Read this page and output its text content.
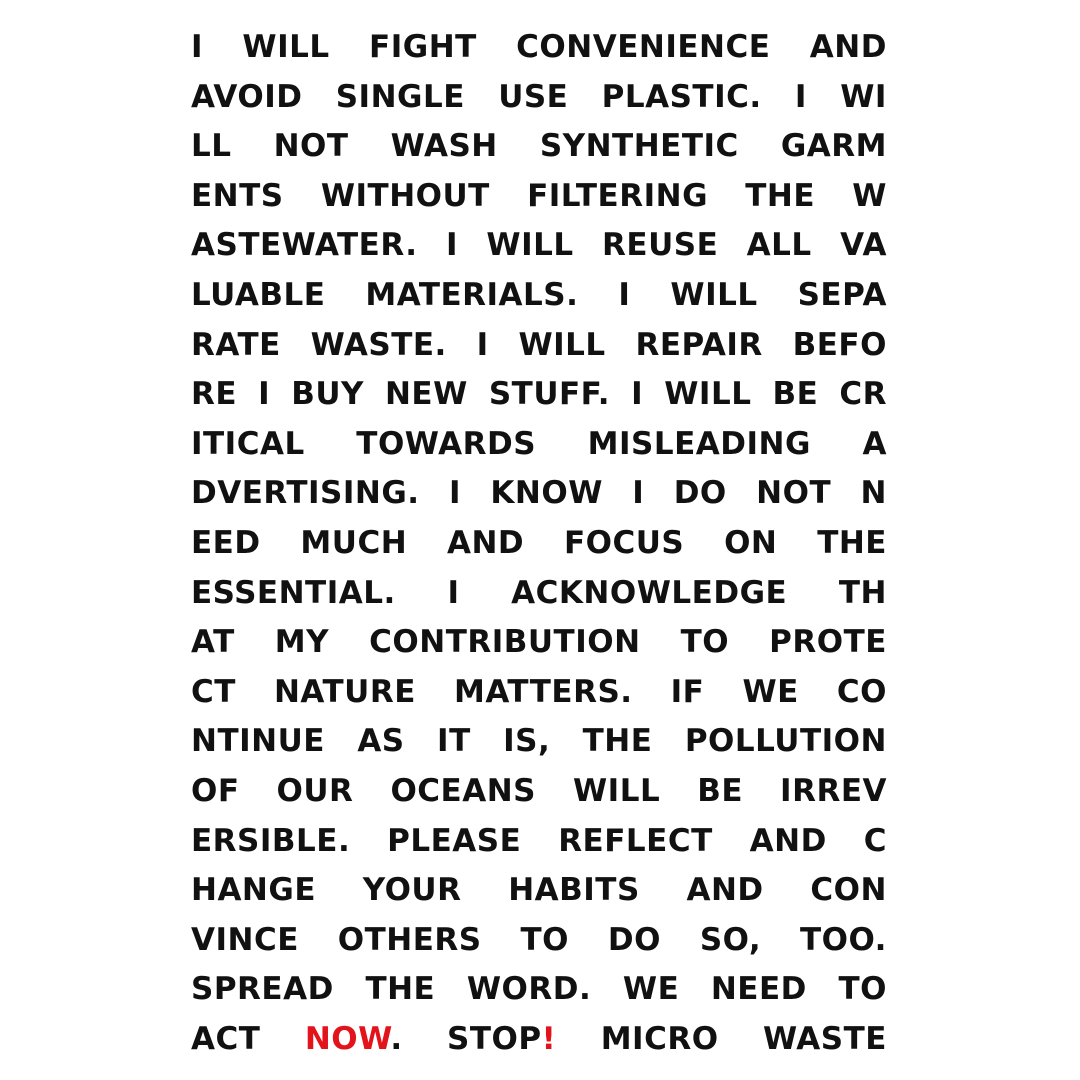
I WILL FIGHT CONVENIENCE AND
AVOID SINGLE USE PLASTIC. I WI
LL NOT WASH SYNTHETIC GARM
ENTS WITHOUT FILTERING THE W
ASTEWATER. I WILL REUSE ALL VA
LUABLE MATERIALS. I WILL SEPA
RATE WASTE. I WILL REPAIR BEFO
RE I BUY NEW STUFF. I WILL BE CR
ITICAL TOWARDS MISLEADING A
DVERTISING. I KNOW I DO NOT N
EED MUCH AND FOCUS ON THE
ESSENTIAL. I ACKNOWLEDGE TH
AT MY CONTRIBUTION TO PROTE
CT NATURE MATTERS. IF WE CO
NTINUE AS IT IS, THE POLLUTION
OF OUR OCEANS WILL BE IRREV
ERSIBLE. PLEASE REFLECT AND C
HANGE YOUR HABITS AND CON
VINCE OTHERS TO DO SO, TOO.
SPREAD THE WORD. WE NEED TO
ACT NOW. STOP! MICRO WASTE
